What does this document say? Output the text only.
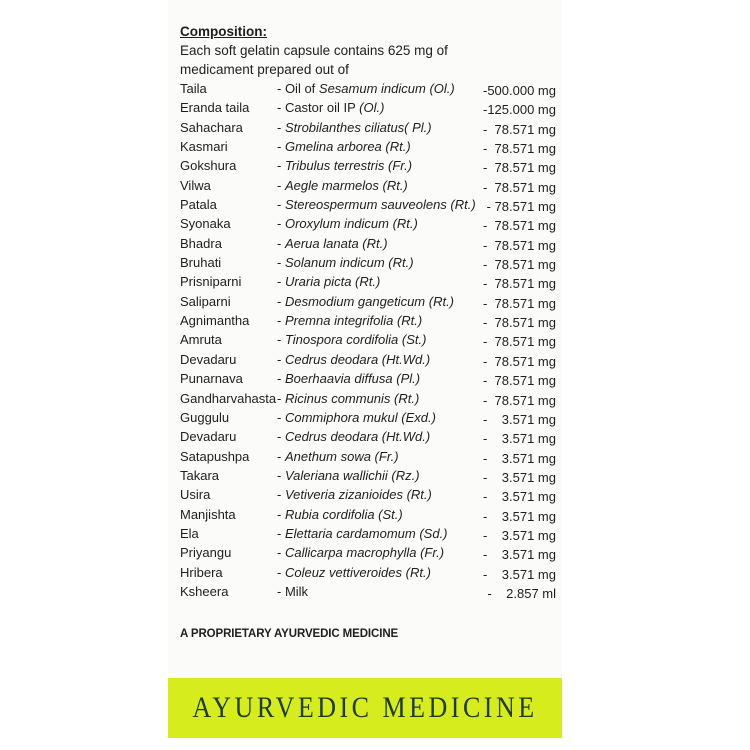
Composition:

Each soft gelatin capsule contains 625 mg of

medicament prepared out of

Taila	- Oil of Sesamum indicum (Ol.) -500.000 mg
Eranda taila - Castor oil IP (Ol.)	-125.000 mg
Sahachara	- Strobilanthes ciliatus( Pl.)	-  78.571 mg
Kasmari	- Gmelina arborea (Rt.)	-  78.571 mg
Gokshura	- Tribulus terrestris (Fr.)	-  78.571 mg
Vilwa	- Aegle marmelos (Rt.)	-  78.571 mg
Patala	- Stereospermum sauveolens (Rt.) - 78.571 mg
Syonaka	- Oroxylum indicum (Rt.)	-  78.571 mg
Bhadra	- Aerua lanata (Rt.)	-  78.571 mg
Bruhati	- Solanum indicum (Rt.)	-  78.571 mg
Prisniparni	- Uraria picta (Rt.)	-  78.571 mg
Saliparni	- Desmodium gangeticum (Rt.) -  78.571 mg
Agnimantha - Premna integrifolia (Rt.)	-  78.571 mg
Amruta	- Tinospora cordifolia (St.)	-  78.571 mg
Devadaru	- Cedrus deodara (Ht.Wd.)	-  78.571 mg
Punarnava	- Boerhaavia diffusa (Pl.)	-  78.571 mg
Gandharvahasta - Ricinus communis (Rt.)	-  78.571 mg
Guggulu	- Commiphora mukul (Exd.)	-    3.571 mg
Devadaru	- Cedrus deodara (Ht.Wd.)	-    3.571 mg
Satapushpa - Anethum sowa (Fr.)	-    3.571 mg
Takara	- Valeriana wallichii (Rz.)	-    3.571 mg
Usira	- Vetiveria zizanioides (Rt.)	-    3.571 mg
Manjishta	- Rubia cordifolia (St.)	-    3.571 mg
Ela	- Elettaria cardamomum (Sd.)	-    3.571 mg
Priyangu	- Callicarpa macrophylla (Fr.)	-    3.571 mg
Hribera	- Coleuz vettiveroides (Rt.)	-    3.571 mg
Ksheera	- Milk	-    2.857 ml
A PROPRIETARY AYURVEDIC MEDICINE
AYURVEDIC MEDICINE
